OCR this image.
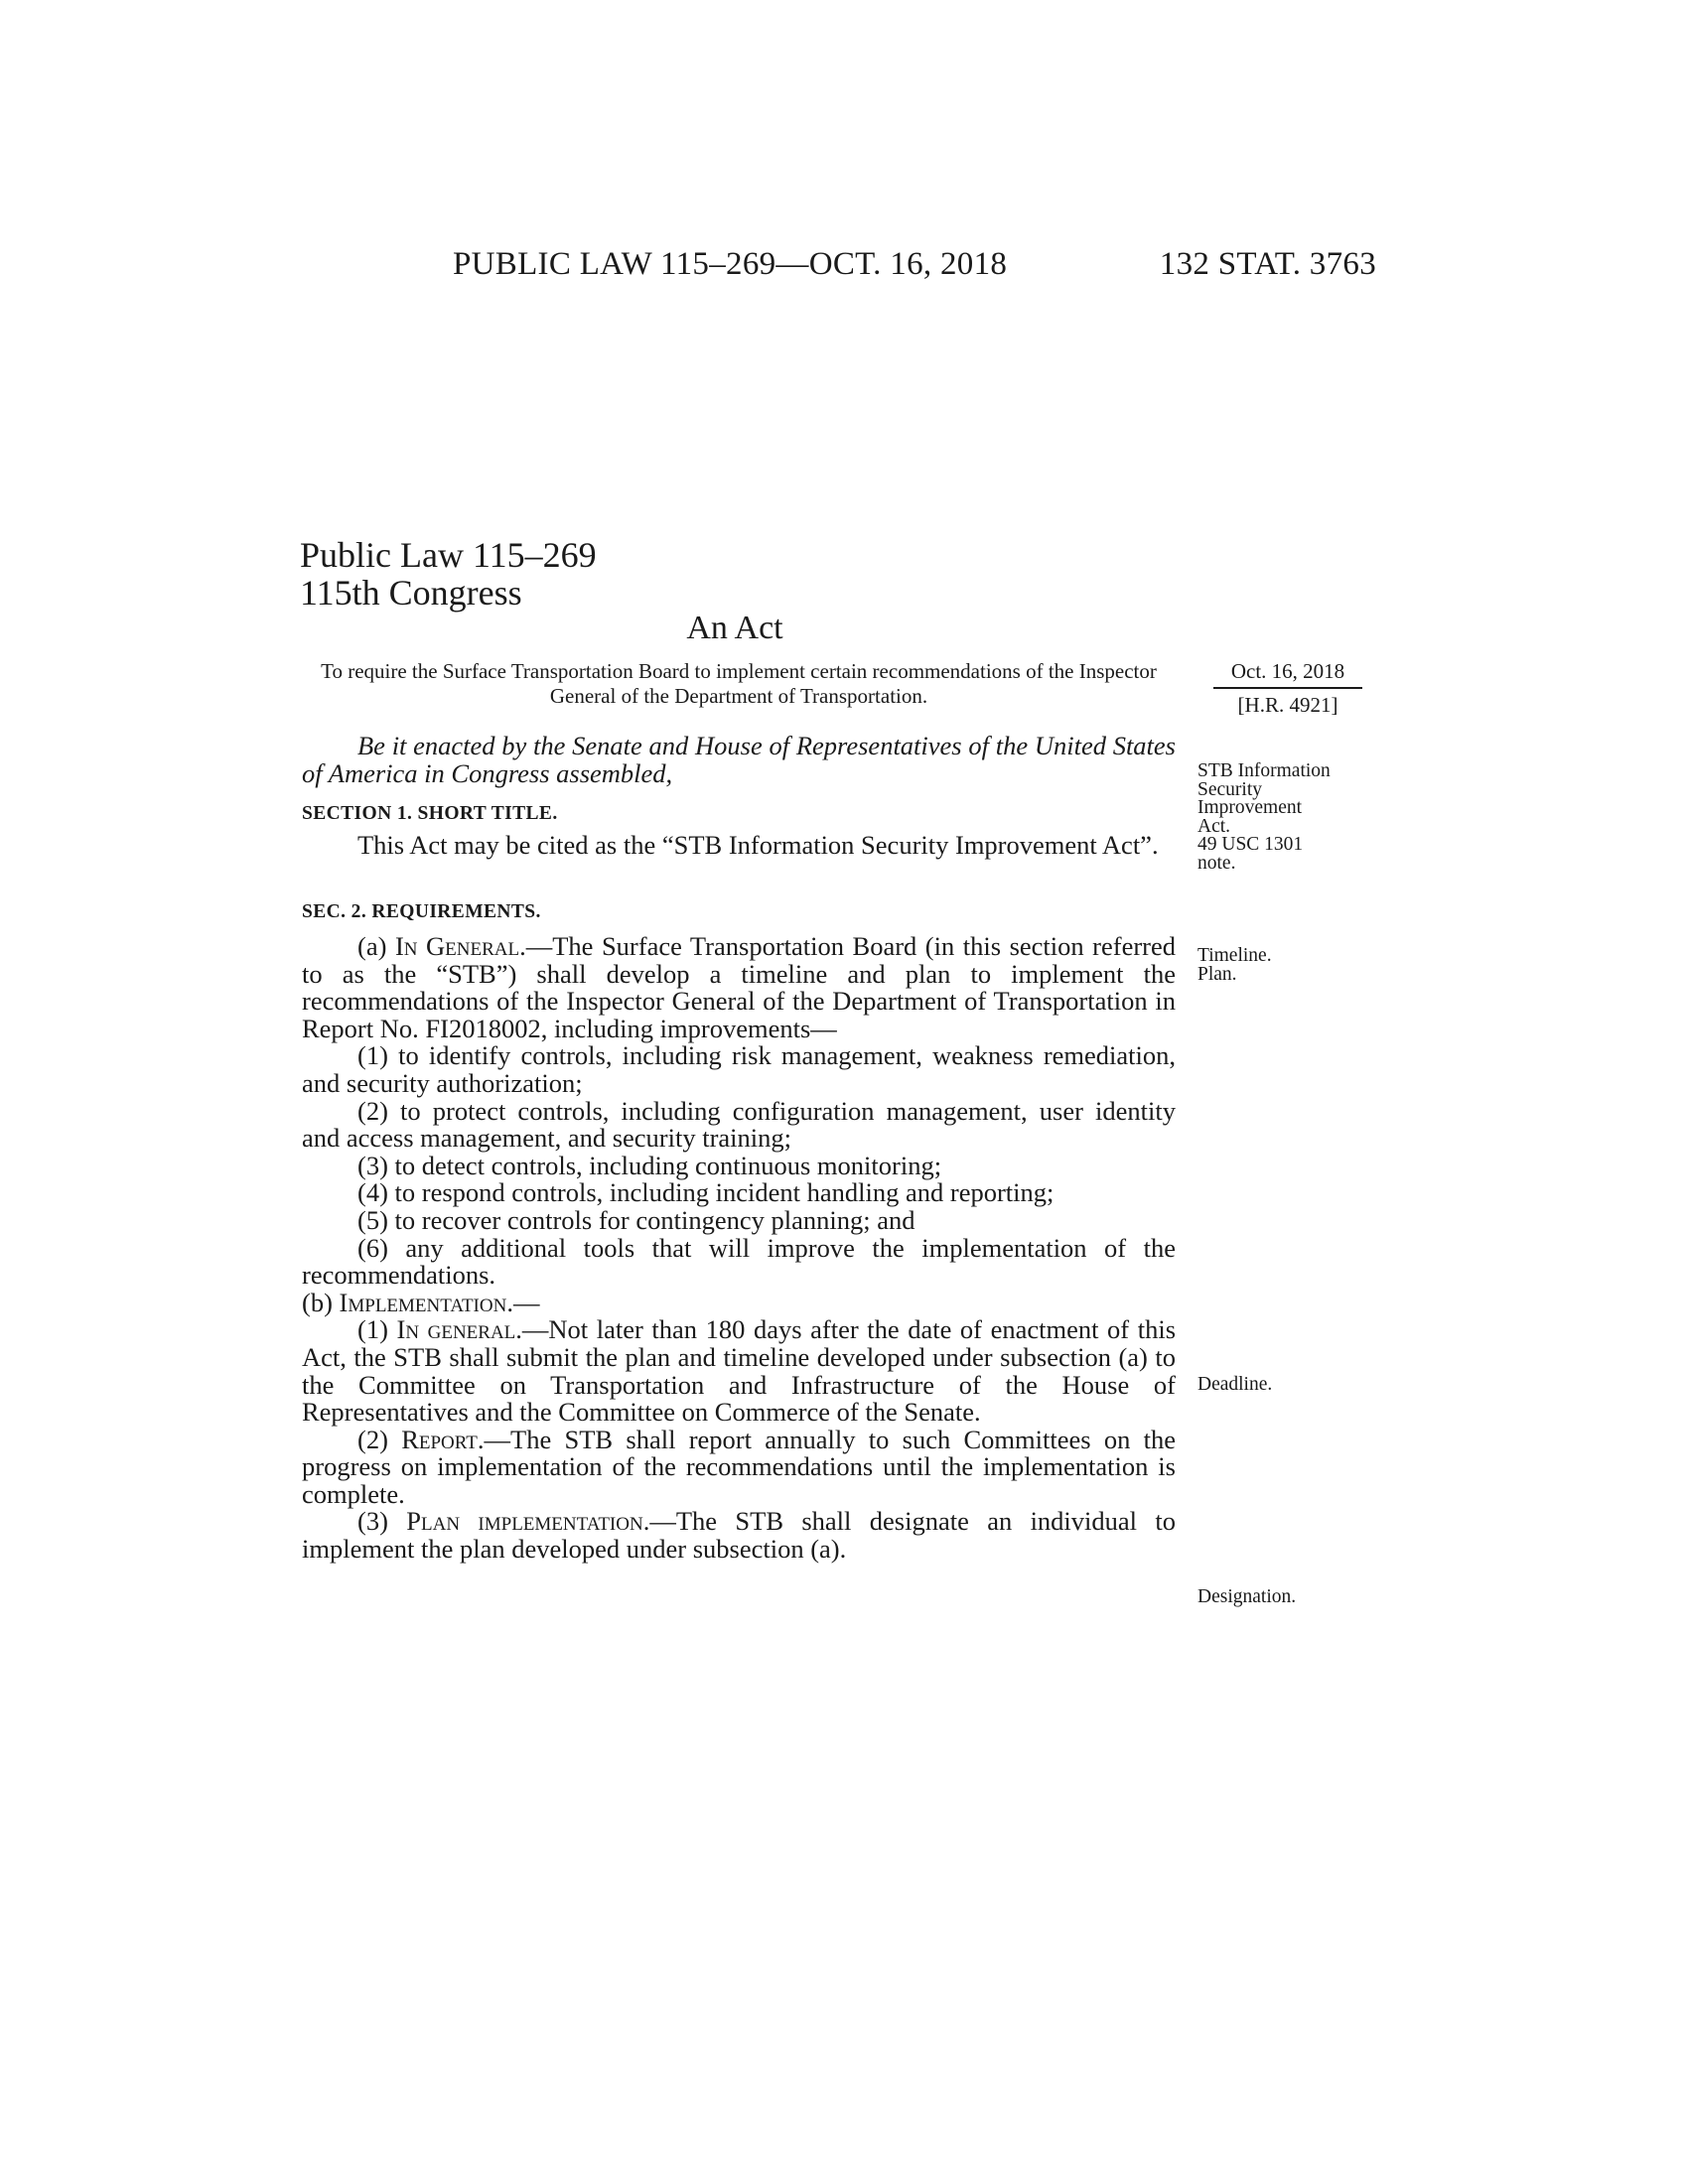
PUBLIC LAW 115–269—OCT. 16, 2018	132 STAT. 3763
Public Law 115–269
115th Congress
An Act
To require the Surface Transportation Board to implement certain recommendations of the Inspector General of the Department of Transportation.
Oct. 16, 2018
[H.R. 4921]

Be it enacted by the Senate and House of Representatives of the United States of America in Congress assembled,

SECTION 1. SHORT TITLE.

This Act may be cited as the “STB Information Security Improvement Act”.

SEC. 2. REQUIREMENTS.

(a) In General.—The Surface Transportation Board (in this section referred to as the “STB”) shall develop a timeline and plan to implement the recommendations of the Inspector General of the Department of Transportation in Report No. FI2018002, including improvements—

(1) to identify controls, including risk management, weakness remediation, and security authorization;

(2) to protect controls, including configuration management, user identity and access management, and security training;

(3) to detect controls, including continuous monitoring;

(4) to respond controls, including incident handling and reporting;

(5) to recover controls for contingency planning; and

(6) any additional tools that will improve the implementation of the recommendations.

(b) Implementation.—

(1) In general.—Not later than 180 days after the date of enactment of this Act, the STB shall submit the plan and timeline developed under subsection (a) to the Committee on Transportation and Infrastructure of the House of Representatives and the Committee on Commerce of the Senate.

(2) Report.—The STB shall report annually to such Committees on the progress on implementation of the recommendations until the implementation is complete.

(3) Plan implementation.—The STB shall designate an individual to implement the plan developed under subsection (a).

STB Information
Security
Improvement
Act.
49 USC 1301
note.
Timeline.
Plan.
Deadline.
Designation.
